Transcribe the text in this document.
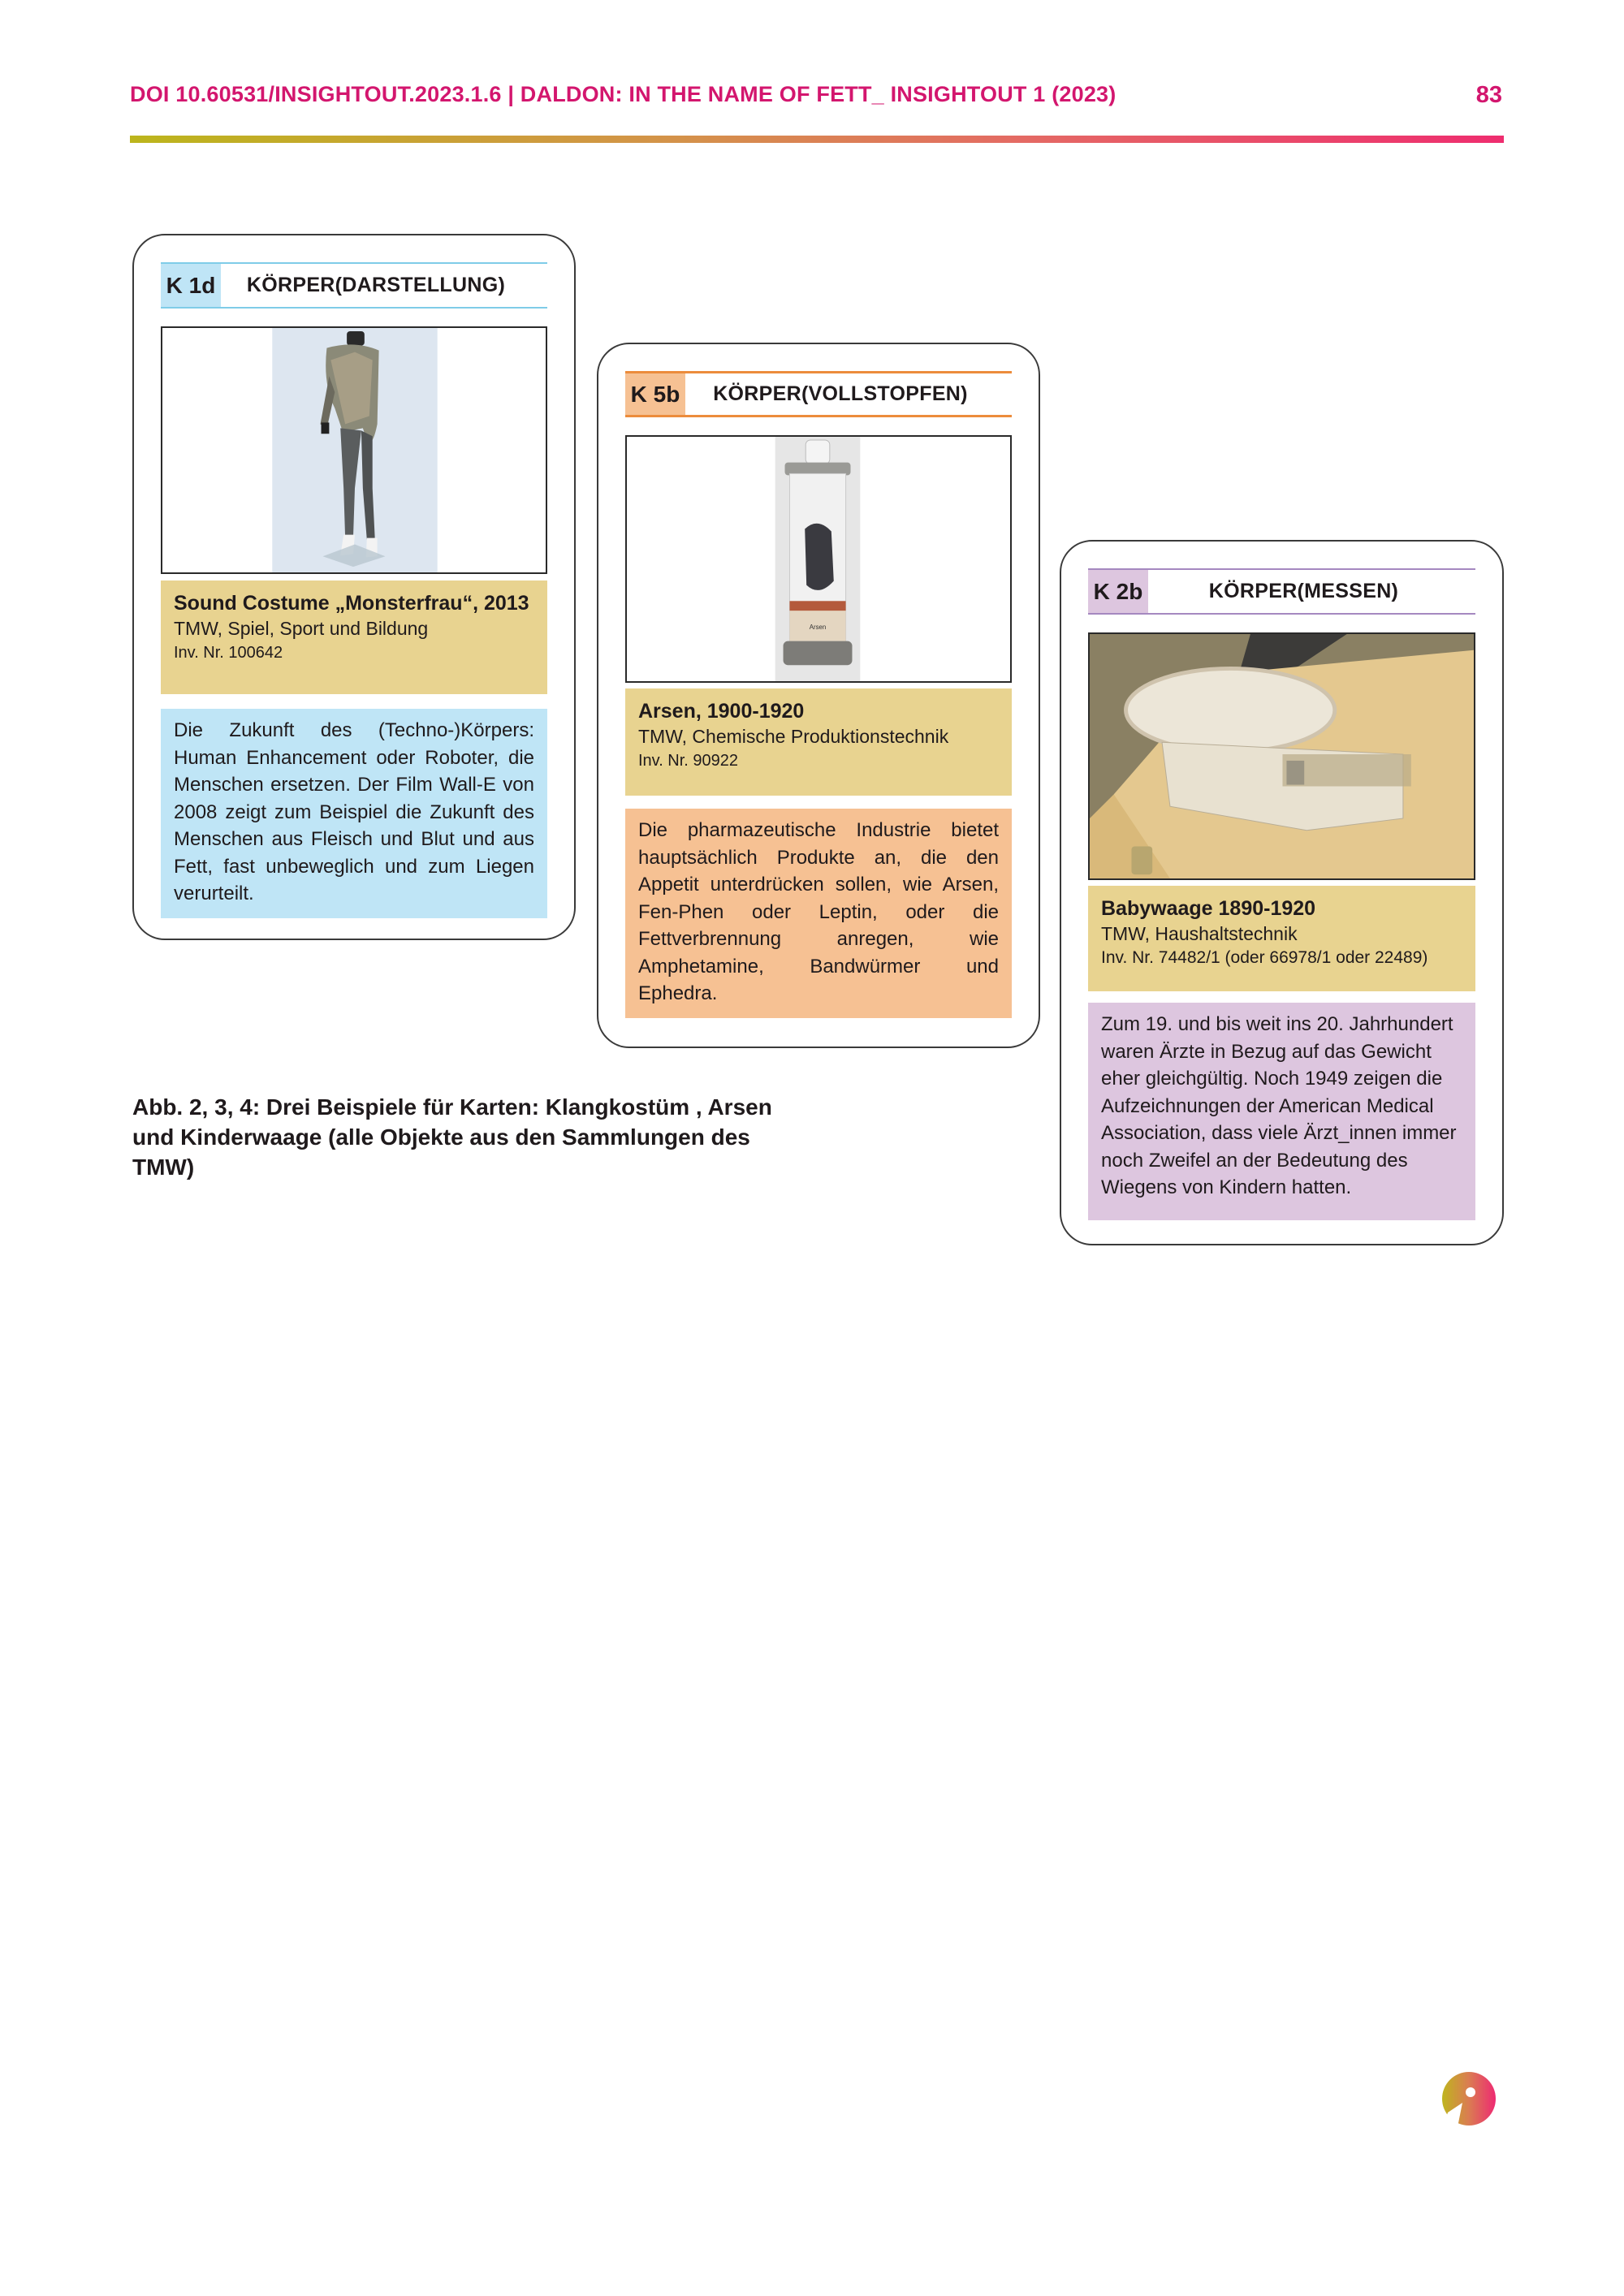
DOI 10.60531/INSIGHTOUT.2023.1.6 | DALDON: IN THE NAME OF FETT_ INSIGHTOUT 1 (2023)	83
K 1d	KÖRPER(DARSTELLUNG)
Sound Costume „Monsterfrau“, 2013
TMW, Spiel, Sport und Bildung
Inv. Nr. 100642
Die Zukunft des (Techno-)Körpers: Human Enhancement oder Roboter, die Menschen ersetzen. Der Film Wall-E von 2008 zeigt zum Beispiel die Zukunft des Menschen aus Fleisch und Blut und aus Fett, fast unbeweglich und zum Liegen verurteilt.
K 5b	KÖRPER(VOLLSTOPFEN)
Arsen
Arsen, 1900-1920
TMW, Chemische Produktionstechnik
Inv. Nr. 90922
Die pharmazeutische Industrie bietet hauptsächlich Produkte an, die den Appetit unterdrücken sollen, wie Arsen, Fen-Phen oder Leptin, oder die Fettverbrennung anregen, wie Amphetamine, Bandwürmer und Ephedra.
K 2b	KÖRPER(MESSEN)
Babywaage 1890-1920
TMW, Haushaltstechnik
Inv. Nr. 74482/1 (oder 66978/1 oder 22489)
Zum 19. und bis weit ins 20. Jahrhundert waren Ärzte in Bezug auf das Gewicht eher gleichgültig. Noch 1949 zeigen die Aufzeichnungen der American Medical Association, dass viele Ärzt_innen immer noch Zweifel an der Bedeutung des Wiegens von Kindern hatten.
Abb. 2, 3, 4: Drei Beispiele für Karten: Klangkostüm , Arsen und Kinderwaage (alle Objekte aus den Sammlungen des TMW)
